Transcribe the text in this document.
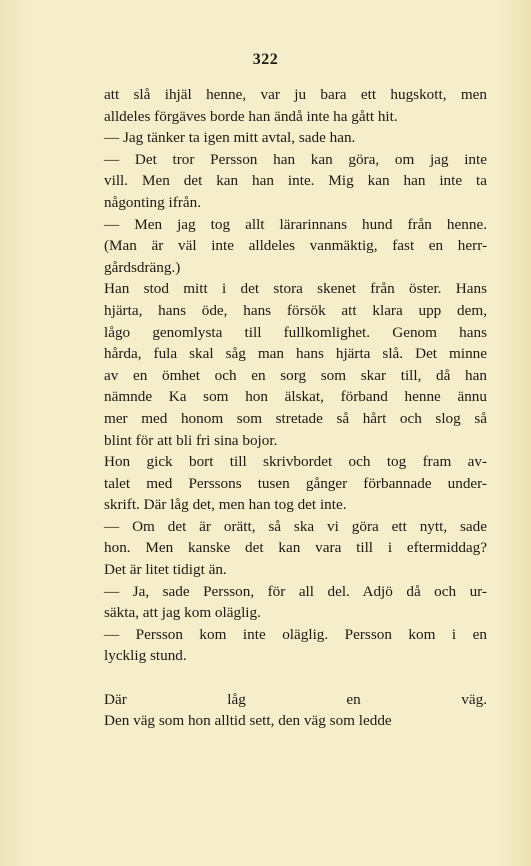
322
att slå ihjäl henne, var ju bara ett hugskott, men
alldeles förgäves borde han ändå inte ha gått hit.
— Jag tänker ta igen mitt avtal, sade han.
— Det tror Persson han kan göra, om jag inte
vill. Men det kan han inte. Mig kan han inte ta
någonting ifrån.
— Men jag tog allt lärarinnans hund från henne.
(Man är väl inte alldeles vanmäktig, fast en herr-
gårdsdräng.)
Han stod mitt i det stora skenet från öster. Hans
hjärta, hans öde, hans försök att klara upp dem,
lågo genomlysta till fullkomlighet. Genom hans
hårda, fula skal såg man hans hjärta slå. Det minne
av en ömhet och en sorg som skar till, då han
nämnde Ka som hon älskat, förband henne ännu
mer med honom som stretade så hårt och slog så
blint för att bli fri sina bojor.
Hon gick bort till skrivbordet och tog fram av-
talet med Perssons tusen gånger förbannade under-
skrift. Där låg det, men han tog det inte.
— Om det är orätt, så ska vi göra ett nytt, sade
hon. Men kanske det kan vara till i eftermiddag?
Det är litet tidigt än.
— Ja, sade Persson, för all del. Adjö då och ur-
säkta, att jag kom oläglig.
— Persson kom inte oläglig. Persson kom i en
lycklig stund.
Där låg en väg.
Den väg som hon alltid sett, den väg som ledde
